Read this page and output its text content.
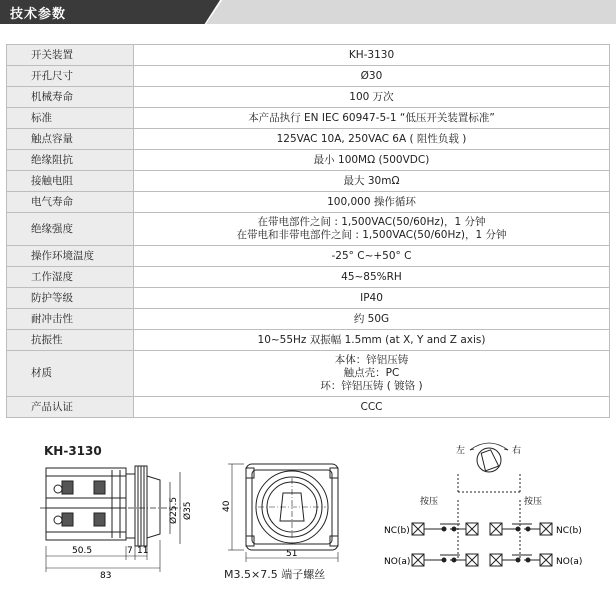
技术参数
开关装置	KH-3130

开孔尺寸	Ø30

机械寿命	100 万次

标准	本产品执行 EN IEC 60947-5-1 “低压开关装置标准”

触点容量	125VAC 10A, 250VAC 6A ( 阻性负载 )

绝缘阻抗	最小 100MΩ (500VDC)

接触电阻	最大 30mΩ

电气寿命	100,000 操作循环

绝缘强度	在带电部件之间 : 1,500VAC(50/60Hz)，1 分钟
在带电和非带电部件之间 : 1,500VAC(50/60Hz)，1 分钟

操作环境温度	-25° C~+50° C

工作湿度	45~85%RH

防护等级	IP40

耐冲击性	约 50G

抗振性	10~55Hz 双振幅 1.5mm (at X, Y and Z axis)

材质	本体：锌铝压铸
触点壳：PC
环：锌铝压铸 ( 镀铬 )

产品认证	CCC
KH-3130
M3.5×7.5 端子螺丝
50.5	7 11
83
Ø25.5 Ø35	40
51
左	右
按压	按压
NC(b)
NO(a)
NC(b)
NO(a)
